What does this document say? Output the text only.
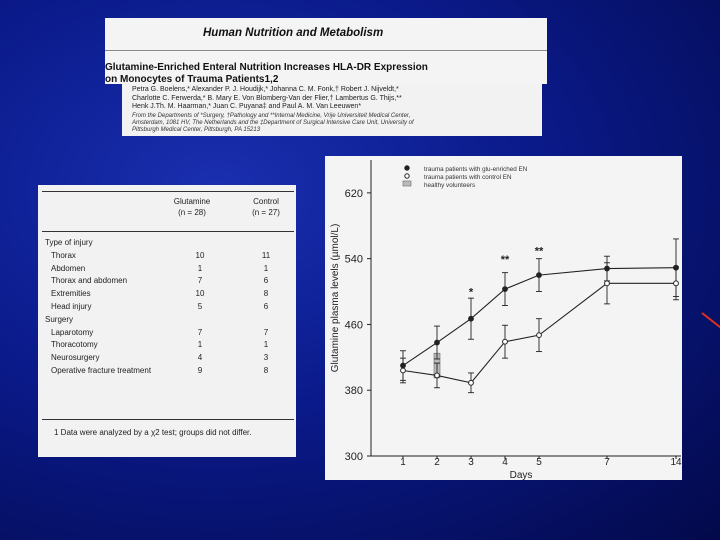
Human Nutrition and Metabolism
Glutamine-Enriched Enteral Nutrition Increases HLA-DR Expression
on Monocytes of Trauma Patients1,2
Petra G. Boelens,* Alexander P. J. Houdijk,* Johanna C. M. Fonk,† Robert J. Nijveldt,*
Charlotte C. Ferwerda,* B. Mary E. Von Blomberg-Van der Flier,† Lambertus G. Thijs,**
Henk J.Th. M. Haarman,* Juan C. Puyana‡ and Paul A. M. Van Leeuwen*
From the Departments of *Surgery, †Pathology and **Internal Medicine, Vrije Universiteit Medical Center,
Amsterdam, 1081 HV, The Netherlands and the ‡Department of Surgical Intensive Care Unit, University of
Pittsburgh Medical Center, Pittsburgh, PA 15213
Glutamine
(n = 28)
Control
(n = 27)
Type of injury
Thorax	10	11
Abdomen	1	1
Thorax and abdomen	7	6
Extremities	10	8
Head injury	5	6
Surgery
Laparotomy	7	7
Thoracotomy	1	1
Neurosurgery	4	3
Operative fracture treatment	9	8
1 Data were analyzed by a χ2 test; groups did not differ.
300
380
460
540
620
1	2	3	4	5	7	14
Days
Glutamine plasma levels (µmol/L)	*
**
**
trauma patients with glu-enriched EN
trauma patients with control EN
healthy volunteers
